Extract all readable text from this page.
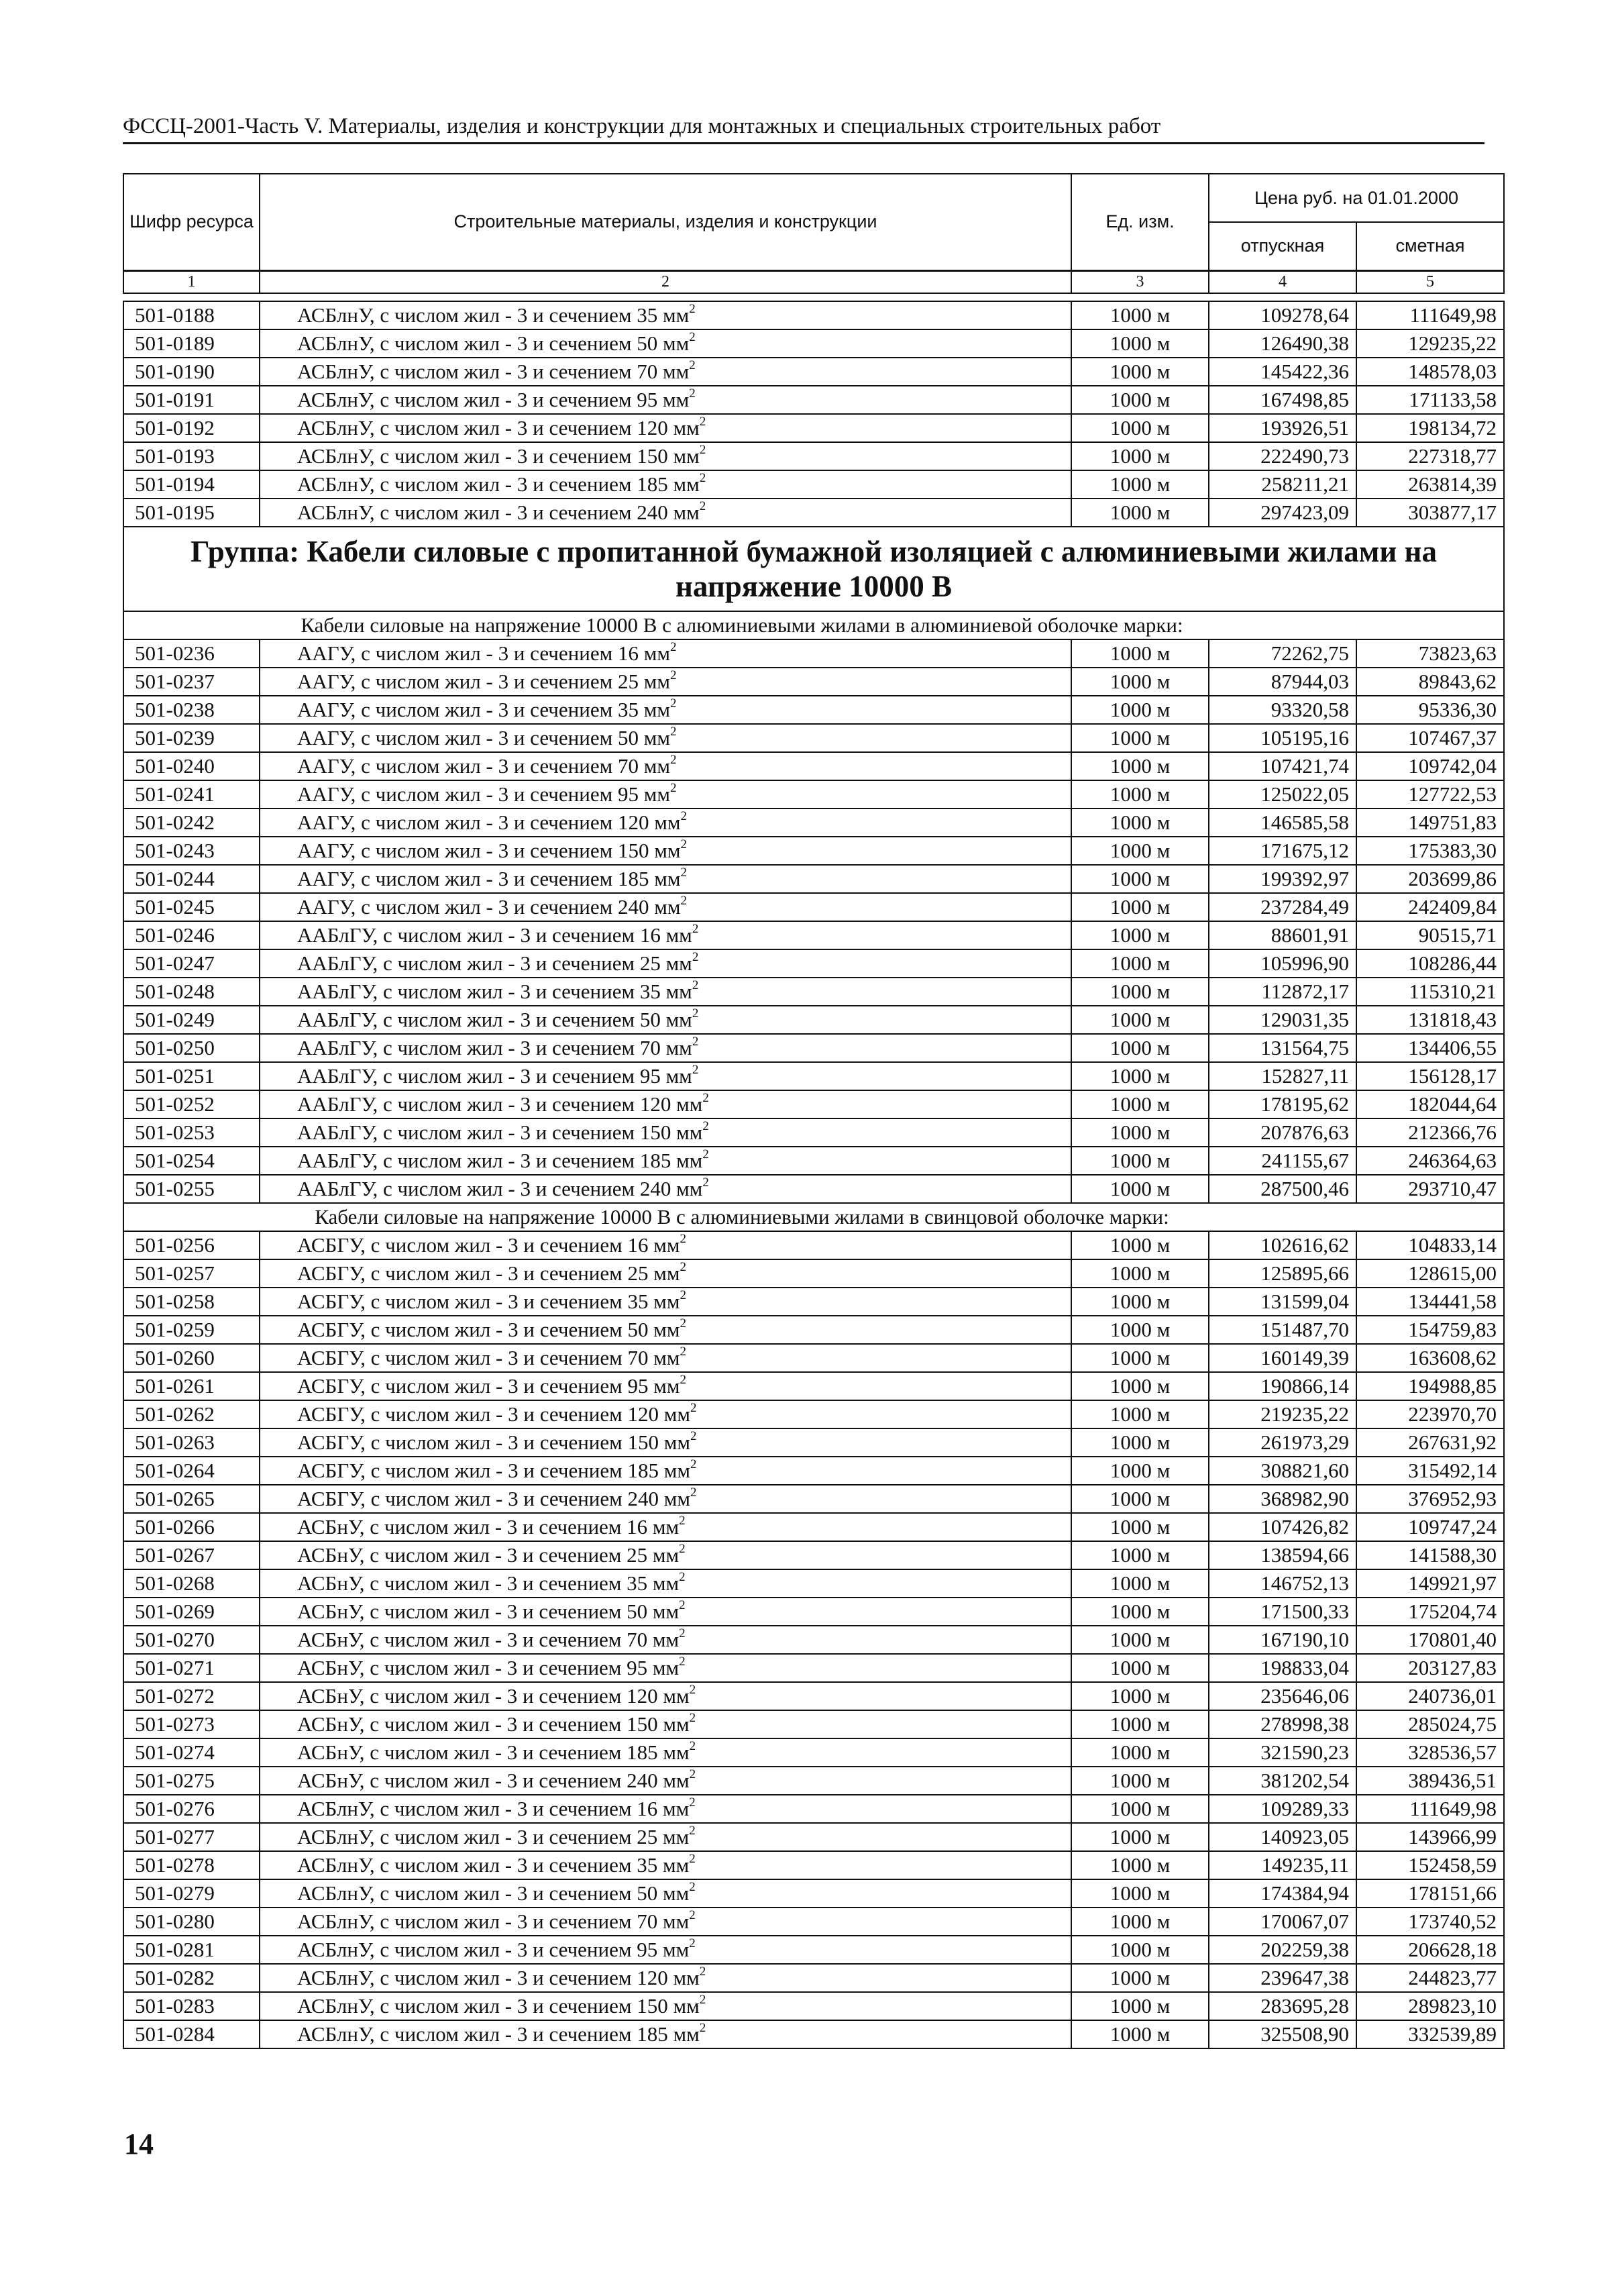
ФССЦ-2001-Часть V. Материалы, изделия и конструкции для монтажных и специальных строительных работ
Шифр ресурса	Строительные материалы, изделия и конструкции	Ед. изм.	Цена руб. на 01.01.2000	
			отпускная	сметная
1	2	3	4	5
501-0188	АСБлнУ, с числом жил - 3 и сечением 35 $мм^2$	1000 м	109278,64	111649,98
501-0189	АСБлнУ, с числом жил - 3 и сечением 50 $мм^2$	1000 м	126490,38	129235,22
501-0190	АСБлнУ, с числом жил - 3 и сечением 70 $мм^2$	1000 м	145422,36	148578,03
501-0191	АСБлнУ, с числом жил - 3 и сечением 95 $мм^2$	1000 м	167498,85	171133,58
501-0192	АСБлнУ, с числом жил - 3 и сечением 120 $мм^2$	1000 м	193926,51	198134,72
501-0193	АСБлнУ, с числом жил - 3 и сечением 150 $мм^2$	1000 м	222490,73	227318,77
501-0194	АСБлнУ, с числом жил - 3 и сечением 185 $мм^2$	1000 м	258211,21	263814,39
501-0195	АСБлнУ, с числом жил - 3 и сечением 240 $мм^2$	1000 м	297423,09	303877,17
Группа: Кабели силовые с пропитанной бумажной изоляцией с алюминиевыми жилами на напряжение 10000 В				
Кабели силовые на напряжение 10000 В с алюминиевыми жилами в алюминиевой оболочке марки:				
501-0236	ААГУ, с числом жил - 3 и сечением 16 $мм^2$	1000 м	72262,75	73823,63
501-0237	ААГУ, с числом жил - 3 и сечением 25 $мм^2$	1000 м	87944,03	89843,62
501-0238	ААГУ, с числом жил - 3 и сечением 35 $мм^2$	1000 м	93320,58	95336,30
501-0239	ААГУ, с числом жил - 3 и сечением 50 $мм^2$	1000 м	105195,16	107467,37
501-0240	ААГУ, с числом жил - 3 и сечением 70 $мм^2$	1000 м	107421,74	109742,04
501-0241	ААГУ, с числом жил - 3 и сечением 95 $мм^2$	1000 м	125022,05	127722,53
501-0242	ААГУ, с числом жил - 3 и сечением 120 $мм^2$	1000 м	146585,58	149751,83
501-0243	ААГУ, с числом жил - 3 и сечением 150 $мм^2$	1000 м	171675,12	175383,30
501-0244	ААГУ, с числом жил - 3 и сечением 185 $мм^2$	1000 м	199392,97	203699,86
501-0245	ААГУ, с числом жил - 3 и сечением 240 $мм^2$	1000 м	237284,49	242409,84
501-0246	ААБлГУ, с числом жил - 3 и сечением 16 $мм^2$	1000 м	88601,91	90515,71
501-0247	ААБлГУ, с числом жил - 3 и сечением 25 $мм^2$	1000 м	105996,90	108286,44
501-0248	ААБлГУ, с числом жил - 3 и сечением 35 $мм^2$	1000 м	112872,17	115310,21
501-0249	ААБлГУ, с числом жил - 3 и сечением 50 $мм^2$	1000 м	129031,35	131818,43
501-0250	ААБлГУ, с числом жил - 3 и сечением 70 $мм^2$	1000 м	131564,75	134406,55
501-0251	ААБлГУ, с числом жил - 3 и сечением 95 $мм^2$	1000 м	152827,11	156128,17
501-0252	ААБлГУ, с числом жил - 3 и сечением 120 $мм^2$	1000 м	178195,62	182044,64
501-0253	ААБлГУ, с числом жил - 3 и сечением 150 $мм^2$	1000 м	207876,63	212366,76
501-0254	ААБлГУ, с числом жил - 3 и сечением 185 $мм^2$	1000 м	241155,67	246364,63
501-0255	ААБлГУ, с числом жил - 3 и сечением 240 $мм^2$	1000 м	287500,46	293710,47
Кабели силовые на напряжение 10000 В с алюминиевыми жилами в свинцовой оболочке марки:				
501-0256	АСБГУ, с числом жил - 3 и сечением 16 $мм^2$	1000 м	102616,62	104833,14
501-0257	АСБГУ, с числом жил - 3 и сечением 25 $мм^2$	1000 м	125895,66	128615,00
501-0258	АСБГУ, с числом жил - 3 и сечением 35 $мм^2$	1000 м	131599,04	134441,58
501-0259	АСБГУ, с числом жил - 3 и сечением 50 $мм^2$	1000 м	151487,70	154759,83
501-0260	АСБГУ, с числом жил - 3 и сечением 70 $мм^2$	1000 м	160149,39	163608,62
501-0261	АСБГУ, с числом жил - 3 и сечением 95 $мм^2$	1000 м	190866,14	194988,85
501-0262	АСБГУ, с числом жил - 3 и сечением 120 $мм^2$	1000 м	219235,22	223970,70
501-0263	АСБГУ, с числом жил - 3 и сечением 150 $мм^2$	1000 м	261973,29	267631,92
501-0264	АСБГУ, с числом жил - 3 и сечением 185 $мм^2$	1000 м	308821,60	315492,14
501-0265	АСБГУ, с числом жил - 3 и сечением 240 $мм^2$	1000 м	368982,90	376952,93
501-0266	АСБнУ, с числом жил - 3 и сечением 16 $мм^2$	1000 м	107426,82	109747,24
501-0267	АСБнУ, с числом жил - 3 и сечением 25 $мм^2$	1000 м	138594,66	141588,30
501-0268	АСБнУ, с числом жил - 3 и сечением 35 $мм^2$	1000 м	146752,13	149921,97
501-0269	АСБнУ, с числом жил - 3 и сечением 50 $мм^2$	1000 м	171500,33	175204,74
501-0270	АСБнУ, с числом жил - 3 и сечением 70 $мм^2$	1000 м	167190,10	170801,40
501-0271	АСБнУ, с числом жил - 3 и сечением 95 $мм^2$	1000 м	198833,04	203127,83
501-0272	АСБнУ, с числом жил - 3 и сечением 120 $мм^2$	1000 м	235646,06	240736,01
501-0273	АСБнУ, с числом жил - 3 и сечением 150 $мм^2$	1000 м	278998,38	285024,75
501-0274	АСБнУ, с числом жил - 3 и сечением 185 $мм^2$	1000 м	321590,23	328536,57
501-0275	АСБнУ, с числом жил - 3 и сечением 240 $мм^2$	1000 м	381202,54	389436,51
501-0276	АСБлнУ, с числом жил - 3 и сечением 16 $мм^2$	1000 м	109289,33	111649,98
501-0277	АСБлнУ, с числом жил - 3 и сечением 25 $мм^2$	1000 м	140923,05	143966,99
501-0278	АСБлнУ, с числом жил - 3 и сечением 35 $мм^2$	1000 м	149235,11	152458,59
501-0279	АСБлнУ, с числом жил - 3 и сечением 50 $мм^2$	1000 м	174384,94	178151,66
501-0280	АСБлнУ, с числом жил - 3 и сечением 70 $мм^2$	1000 м	170067,07	173740,52
501-0281	АСБлнУ, с числом жил - 3 и сечением 95 $мм^2$	1000 м	202259,38	206628,18
501-0282	АСБлнУ, с числом жил - 3 и сечением 120 $мм^2$	1000 м	239647,38	244823,77
501-0283	АСБлнУ, с числом жил - 3 и сечением 150 $мм^2$	1000 м	283695,28	289823,10
501-0284	АСБлнУ, с числом жил - 3 и сечением 185 $мм^2$	1000 м	325508,90	332539,89
14
